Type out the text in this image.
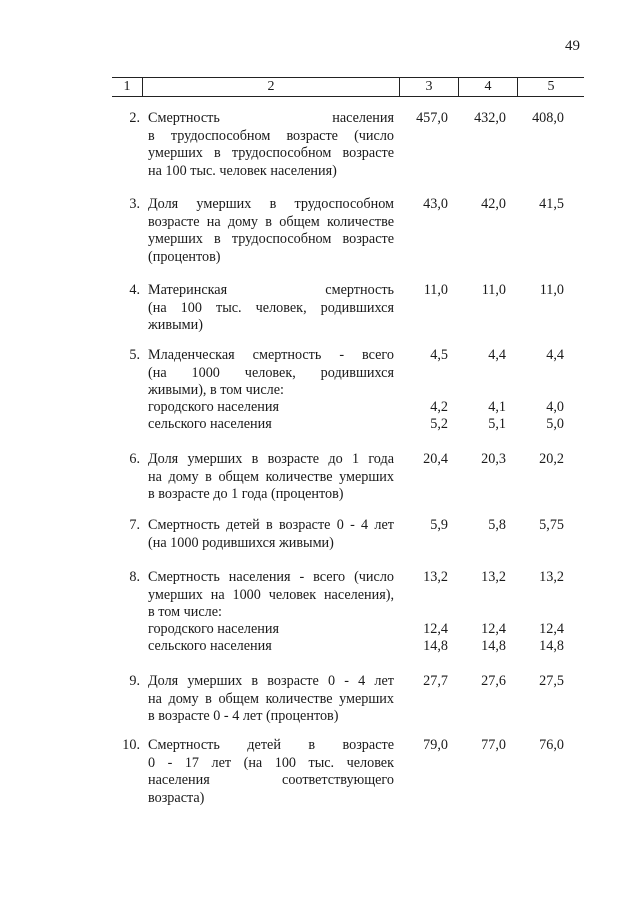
49
1	2	3	4	5
2. Смертность населения
в трудоспособном возрасте (число
умерших в трудоспособном возрасте
на 100 тыс. человек населения)
457,0	432,0	408,0
3. Доля умерших в трудоспособном
возрасте на дому в общем количестве
умерших в трудоспособном возрасте
(процентов)
43,0	42,0	41,5
4. Материнская смертность
(на 100 тыс. человек, родившихся
живыми)
11,0	11,0	11,0
5. Младенческая смертность - всего
(на 1000 человек, родившихся
живыми), в том числе:
4,5	4,4	4,4
городского населения	4,2	4,1	4,0
сельского населения	5,2	5,1	5,0
6. Доля умерших в возрасте до 1 года
на дому в общем количестве умерших
в возрасте до 1 года (процентов)
20,4	20,3	20,2
7. Смертность детей в возрасте 0 - 4 лет
(на 1000 родившихся живыми)
5,9	5,8	5,75
8. Смертность населения - всего (число
умерших на 1000 человек населения),
в том числе:
13,2	13,2	13,2
городского населения	12,4	12,4	12,4
сельского населения	14,8	14,8	14,8
9. Доля умерших в возрасте 0 - 4 лет
на дому в общем количестве умерших
в возрасте 0 - 4 лет (процентов)
27,7	27,6	27,5
10. Смертность детей в возрасте
0 - 17 лет (на 100 тыс. человек
населения соответствующего
возраста)
79,0	77,0	76,0
